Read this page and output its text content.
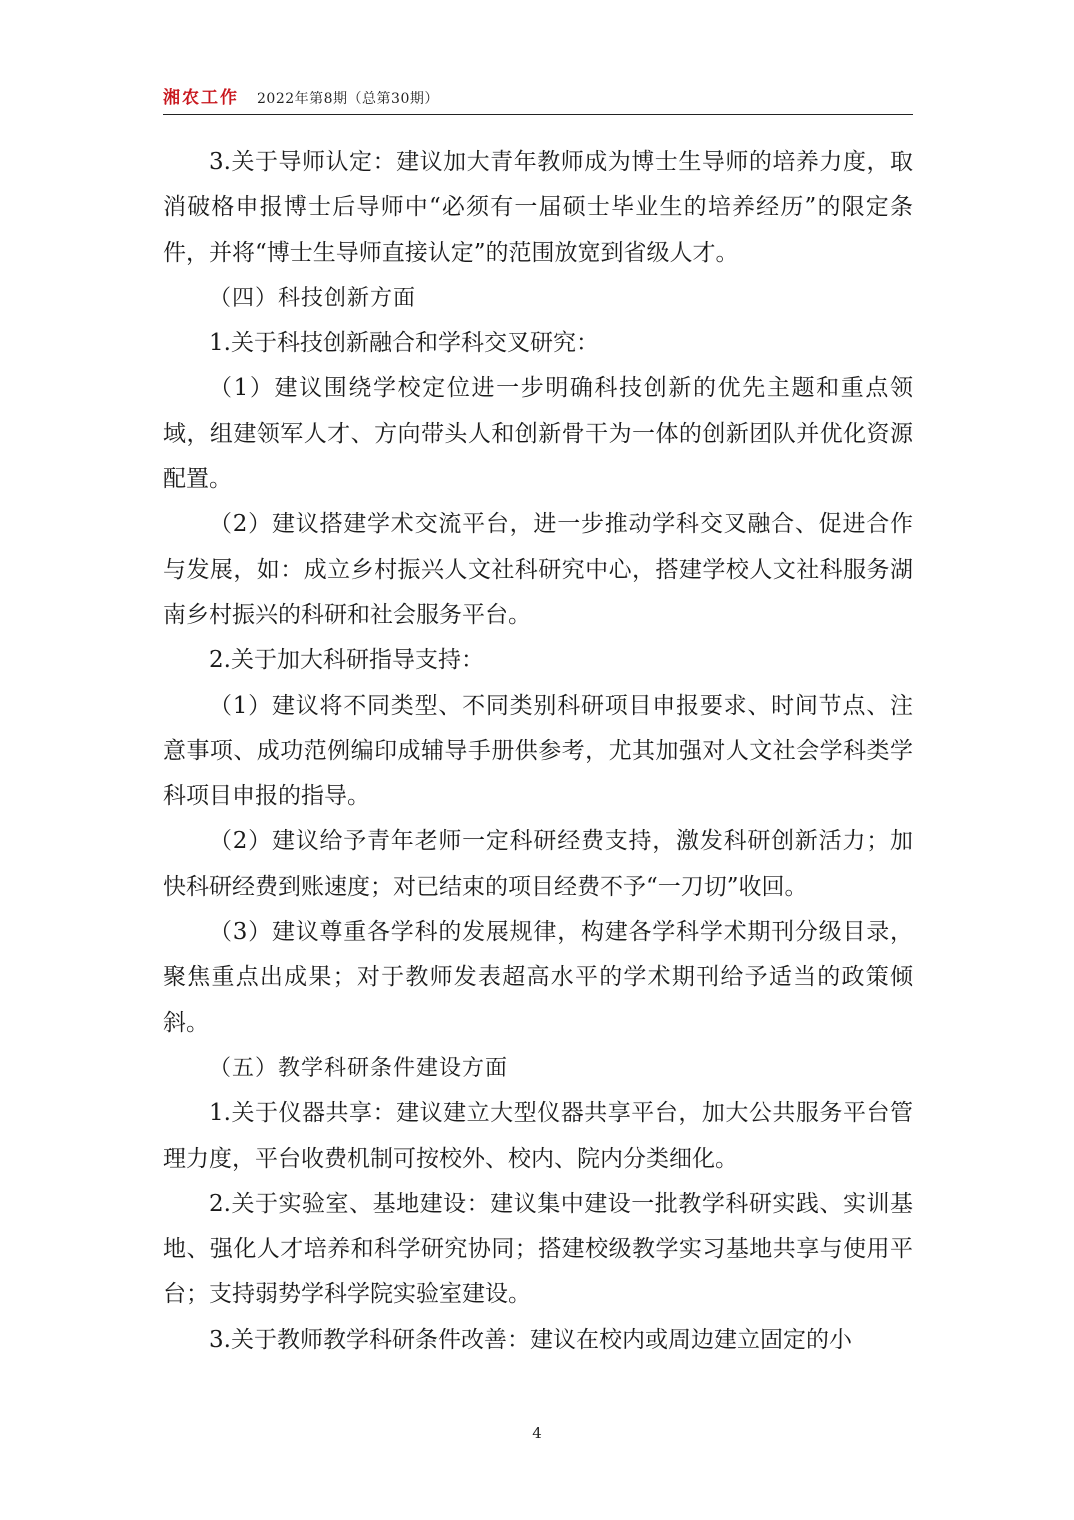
湘农工作 2022年第8期（总第30期）

3.关于导师认定：建议加大青年教师成为博士生导师的培养力度，取消破格申报博士后导师中“必须有一届硕士毕业生的培养经历”的限定条件，并将“博士生导师直接认定”的范围放宽到省级人才。

（四）科技创新方面

1.关于科技创新融合和学科交叉研究：

（1）建议围绕学校定位进一步明确科技创新的优先主题和重点领域，组建领军人才、方向带头人和创新骨干为一体的创新团队并优化资源配置。

（2）建议搭建学术交流平台，进一步推动学科交叉融合、促进合作与发展，如：成立乡村振兴人文社科研究中心，搭建学校人文社科服务湖南乡村振兴的科研和社会服务平台。

2.关于加大科研指导支持：

（1）建议将不同类型、不同类别科研项目申报要求、时间节点、注意事项、成功范例编印成辅导手册供参考，尤其加强对人文社会学科类学科项目申报的指导。

（2）建议给予青年老师一定科研经费支持，激发科研创新活力；加快科研经费到账速度；对已结束的项目经费不予“一刀切”收回。

（3）建议尊重各学科的发展规律，构建各学科学术期刊分级目录，聚焦重点出成果；对于教师发表超高水平的学术期刊给予适当的政策倾斜。

（五）教学科研条件建设方面

1.关于仪器共享：建议建立大型仪器共享平台，加大公共服务平台管理力度，平台收费机制可按校外、校内、院内分类细化。

2.关于实验室、基地建设：建议集中建设一批教学科研实践、实训基地、强化人才培养和科学研究协同；搭建校级教学实习基地共享与使用平台；支持弱势学科学院实验室建设。

3.关于教师教学科研条件改善：建议在校内或周边建立固定的小

4
